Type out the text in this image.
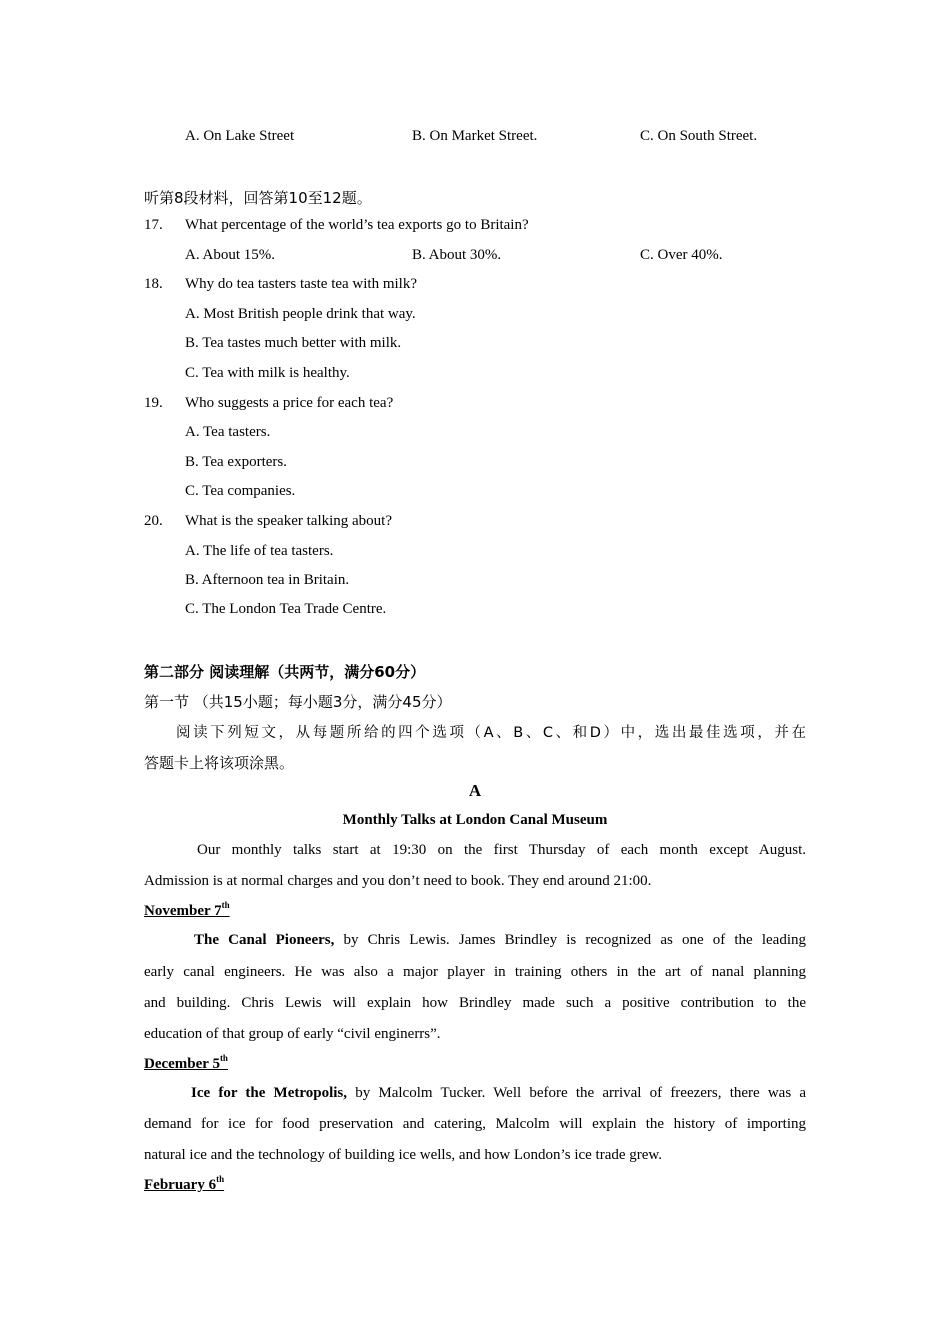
A. On Lake Street	B. On Market Street.	C. On South Street.
听第8段材料，回答第10至12题。
17. What percentage of the world’s tea exports go to Britain?
A. About 15%.	B. About 30%.	C. Over 40%.
18. Why do tea tasters taste tea with milk?
A. Most British people drink that way.
B. Tea tastes much better with milk.
C. Tea with milk is healthy.
19. Who suggests a price for each tea?
A. Tea tasters.
B. Tea exporters.
C. Tea companies.
20. What is the speaker talking about?
A. The life of tea tasters.
B. Afternoon tea in Britain.
C. The London Tea Trade Centre.
第二部分 阅读理解（共两节，满分60分）
第一节 （共15小题；每小题3分，满分45分）
阅读下列短文，从每题所给的四个选项（A、B、C、和D）中，选出最佳选项，并在
答题卡上将该项涂黑。
A
Monthly Talks at London Canal Museum
Our monthly talks start at 19:30 on the first Thursday of each month except August.
Admission is at normal charges and you don’t need to book. They end around 21:00.
November 7th
The Canal Pioneers, by Chris Lewis. James Brindley is recognized as one of the leading
early canal engineers. He was also a major player in training others in the art of nanal planning
and building. Chris Lewis will explain how Brindley made such a positive contribution to the
education of that group of early “civil enginerrs”.
December 5th
Ice for the Metropolis, by Malcolm Tucker. Well before the arrival of freezers, there was a
demand for ice for food preservation and catering, Malcolm will explain the history of importing
natural ice and the technology of building ice wells, and how London’s ice trade grew.
February 6th
